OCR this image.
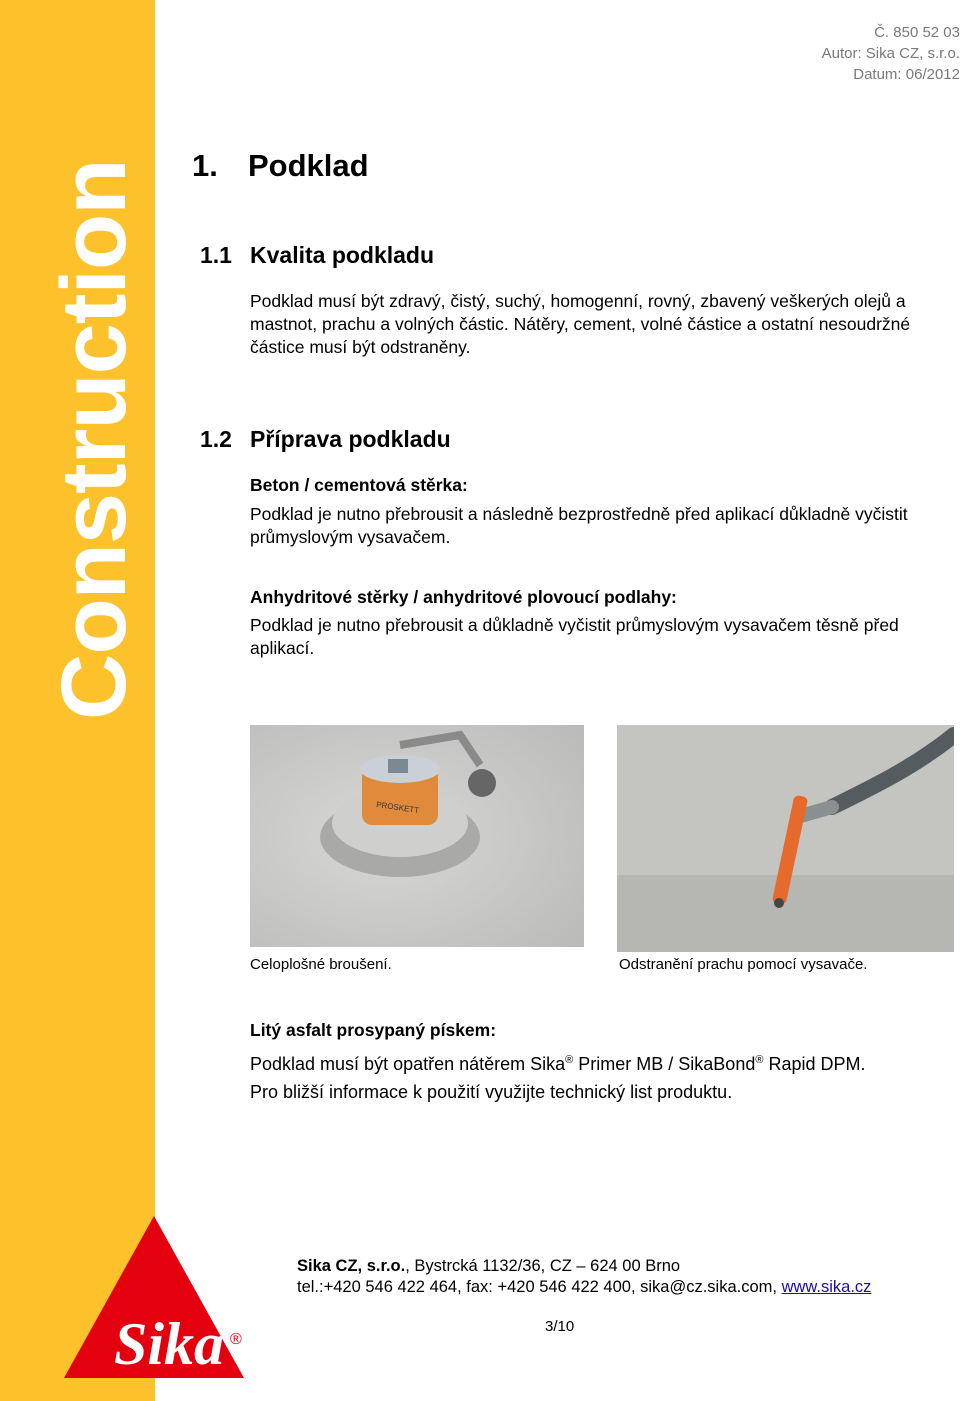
Construction
Sika ®
Č. 850 52 03
Autor: Sika CZ, s.r.o.
Datum: 06/2012
1. Podklad
1.1 Kvalita podkladu
Podklad musí být zdravý, čistý, suchý, homogenní, rovný, zbavený veškerých olejů a mastnot, prachu a volných částic. Nátěry, cement, volné částice a ostatní nesoudržné částice musí být odstraněny.
1.2 Příprava podkladu
Beton / cementová stěrka:
Podklad je nutno přebrousit a následně bezprostředně před aplikací důkladně vyčistit průmyslovým vysavačem.
Anhydritové stěrky / anhydritové plovoucí podlahy:
Podklad je nutno přebrousit a důkladně vyčistit průmyslovým vysavačem těsně před aplikací.
PROSKETT
Celoplošné broušení.	Odstranění prachu pomocí vysavače.
Litý asfalt prosypaný pískem:
Podklad musí být opatřen nátěrem Sika® Primer MB / SikaBond® Rapid DPM.
Pro bližší informace k použití využijte technický list produktu.
Sika CZ, s.r.o., Bystrcká 1132/36, CZ – 624 00 Brno
tel.:+420 546 422 464, fax: +420 546 422 400, sika@cz.sika.com, www.sika.cz
3/10
